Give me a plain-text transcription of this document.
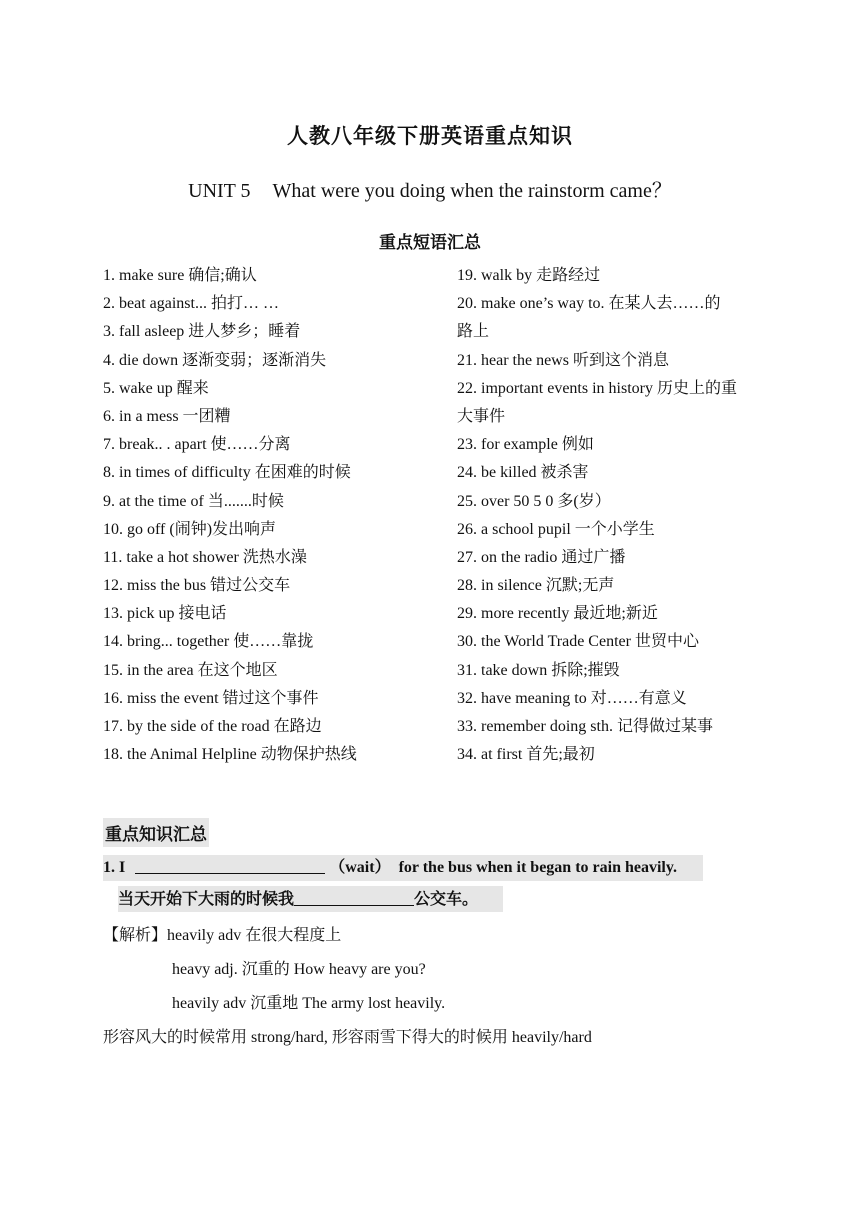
人教八年级下册英语重点知识
UNIT 5 What were you doing when the rainstorm came？
重点短语汇总
1. make sure 确信;确认
2. beat against... 拍打… …
3. fall asleep 进人梦乡；睡着
4. die down 逐渐变弱；逐渐消失
5. wake up 醒来
6. in a mess 一团糟
7. break.. . apart 使……分离
8. in times of difficulty 在困难的时候
9. at the time of 当.......时候
10. go off (闹钟)发出响声
11. take a hot shower 洗热水澡
12. miss the bus 错过公交车
13. pick up 接电话
14. bring... together 使……靠拢
15. in the area 在这个地区
16. miss the event 错过这个事件
17. by the side of the road 在路边
18. the Animal Helpline 动物保护热线
19. walk by 走路经过
20. make one’s way to. 在某人去……的
路上
21. hear the news 听到这个消息
22. important events in history 历史上的重
大事件
23. for example 例如
24. be killed 被杀害
25. over 50 5 0 多(岁）
26. a school pupil 一个小学生
27. on the radio 通过广播
28. in silence 沉默;无声
29. more recently 最近地;新近
30. the World Trade Center 世贸中心
31. take down 拆除;摧毁
32. have meaning to 对……有意义
33. remember doing sth. 记得做过某事
34. at first 首先;最初
重点知识汇总
1. I	（wait） for the bus when it began to rain heavily.
当天开始下大雨的时候我	公交车。
【解析】heavily adv 在很大程度上
heavy adj. 沉重的 How heavy are you?
heavily adv 沉重地 The army lost heavily.
形容风大的时候常用 strong/hard, 形容雨雪下得大的时候用 heavily/hard
